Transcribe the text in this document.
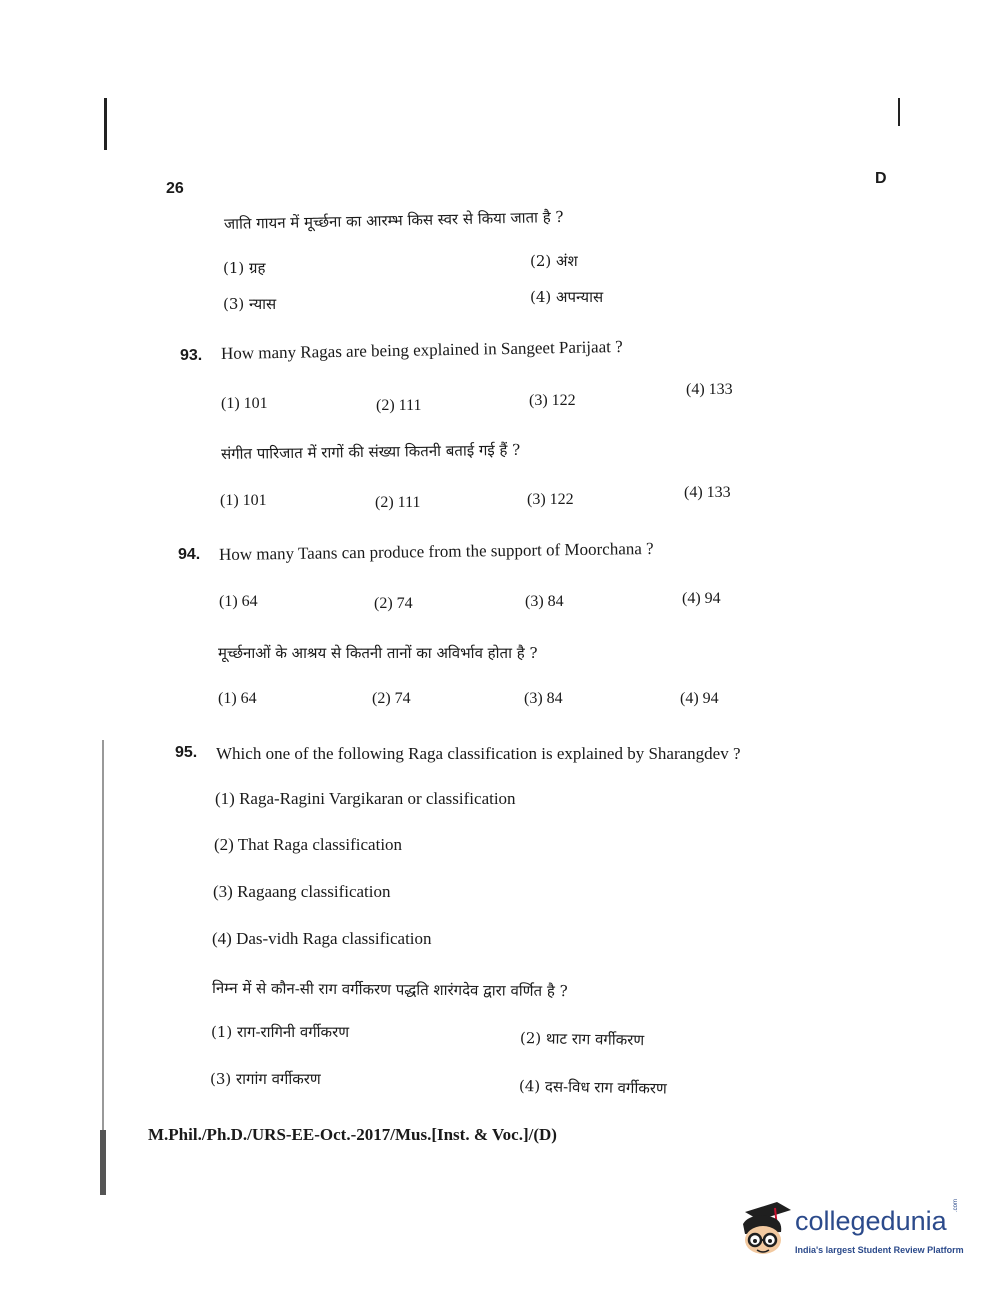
26
D
जाति गायन में मूर्च्छना का आरम्भ किस स्वर से किया जाता है ?
(1) ग्रह	(2) अंश
(3) न्यास	(4) अपन्यास
93. How many Ragas are being explained in Sangeet Parijaat ?
(1) 101	(2) 111	(3) 122
(4) 133
संगीत पारिजात में रागों की संख्या कितनी बताई गई हैं ?
(1) 101	(2) 111	(3) 122	(4) 133
94. How many Taans can produce from the support of Moorchana ?
(1) 64	(2) 74	(3) 84	(4) 94
मूर्च्छनाओं के आश्रय से कितनी तानों का अविर्भाव होता है ?
(1) 64	(2) 74	(3) 84	(4) 94
95. Which one of the following Raga classification is explained by Sharangdev ?
(1) Raga-Ragini Vargikaran or classification
(2) That Raga classification
(3) Ragaang classification
(4) Das-vidh Raga classification
निम्न में से कौन-सी राग वर्गीकरण पद्धति शारंगदेव द्वारा वर्णित है ?
(1) राग-रागिनी वर्गीकरण	(2) थाट राग वर्गीकरण
(3) रागांग वर्गीकरण	(4) दस-विध राग वर्गीकरण
M.Phil./Ph.D./URS-EE-Oct.-2017/Mus.[Inst. & Voc.]/(D)
collegedunia
.com
India's largest Student Review Platform
